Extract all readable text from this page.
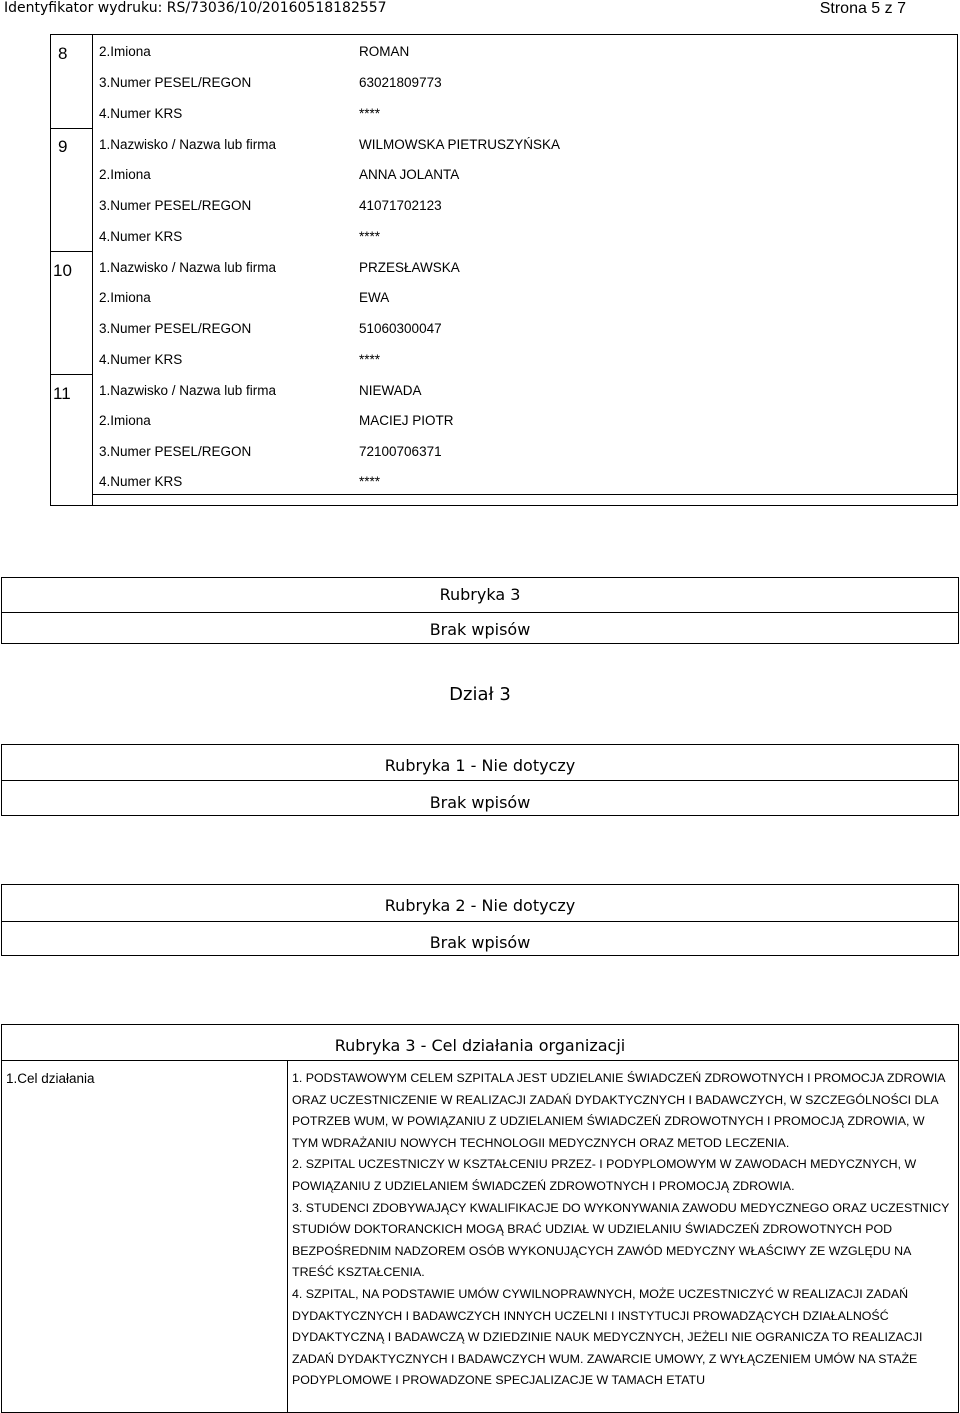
Identyfikator wydruku: RS/73036/10/20160518182557	Strona 5 z 7
8 2.Imiona	ROMAN
3.Numer PESEL/REGON	63021809773
4.Numer KRS	****
9 1.Nazwisko / Nazwa lub firma	WILMOWSKA PIETRUSZYŃSKA
2.Imiona	ANNA JOLANTA
3.Numer PESEL/REGON	41071702123
4.Numer KRS	****
10 1.Nazwisko / Nazwa lub firma	PRZESŁAWSKA
2.Imiona	EWA
3.Numer PESEL/REGON	51060300047
4.Numer KRS	****
11 1.Nazwisko / Nazwa lub firma	NIEWADA
2.Imiona	MACIEJ PIOTR
3.Numer PESEL/REGON	72100706371
4.Numer KRS	****
Rubryka 3
Brak wpisów
Dział 3
Rubryka 1 - Nie dotyczy
Brak wpisów
Rubryka 2 - Nie dotyczy
Brak wpisów
Rubryka 3 - Cel działania organizacji
1.Cel działania	1. PODSTAWOWYM CELEM SZPITALA JEST UDZIELANIE ŚWIADCZEŃ ZDROWOTNYCH I PROMOCJA ZDROWIA ORAZ UCZESTNICZENIE W REALIZACJI ZADAŃ DYDAKTYCZNYCH I BADAWCZYCH, W SZCZEGÓLNOŚCI DLA POTRZEB WUM, W POWIĄZANIU Z UDZIELANIEM ŚWIADCZEŃ ZDROWOTNYCH I PROMOCJĄ ZDROWIA, W TYM WDRAŻANIU NOWYCH TECHNOLOGII MEDYCZNYCH ORAZ METOD LECZENIA.

2. SZPITAL UCZESTNICZY W KSZTAŁCENIU PRZEZ- I PODYPLOMOWYM W ZAWODACH MEDYCZNYCH, W POWIĄZANIU Z UDZIELANIEM ŚWIADCZEŃ ZDROWOTNYCH I PROMOCJĄ ZDROWIA.

3. STUDENCI ZDOBYWAJĄCY KWALIFIKACJE DO WYKONYWANIA ZAWODU MEDYCZNEGO ORAZ UCZESTNICY STUDIÓW DOKTORANCKICH MOGĄ BRAĆ UDZIAŁ W UDZIELANIU ŚWIADCZEŃ ZDROWOTNYCH POD BEZPOŚREDNIM NADZOREM OSÓB WYKONUJĄCYCH ZAWÓD MEDYCZNY WŁAŚCIWY ZE WZGLĘDU NA TREŚĆ KSZTAŁCENIA.

4. SZPITAL, NA PODSTAWIE UMÓW CYWILNOPRAWNYCH, MOŻE UCZESTNICZYĆ W REALIZACJI ZADAŃ DYDAKTYCZNYCH I BADAWCZYCH INNYCH UCZELNI I INSTYTUCJI PROWADZĄCYCH DZIAŁALNOŚĆ DYDAKTYCZNĄ I BADAWCZĄ W DZIEDZINIE NAUK MEDYCZNYCH, JEŻELI NIE OGRANICZA TO REALIZACJI ZADAŃ DYDAKTYCZNYCH I BADAWCZYCH WUM. ZAWARCIE UMOWY, Z WYŁĄCZENIEM UMÓW NA STAŻE PODYPLOMOWE I PROWADZONE SPECJALIZACJE W TAMACH ETATU
